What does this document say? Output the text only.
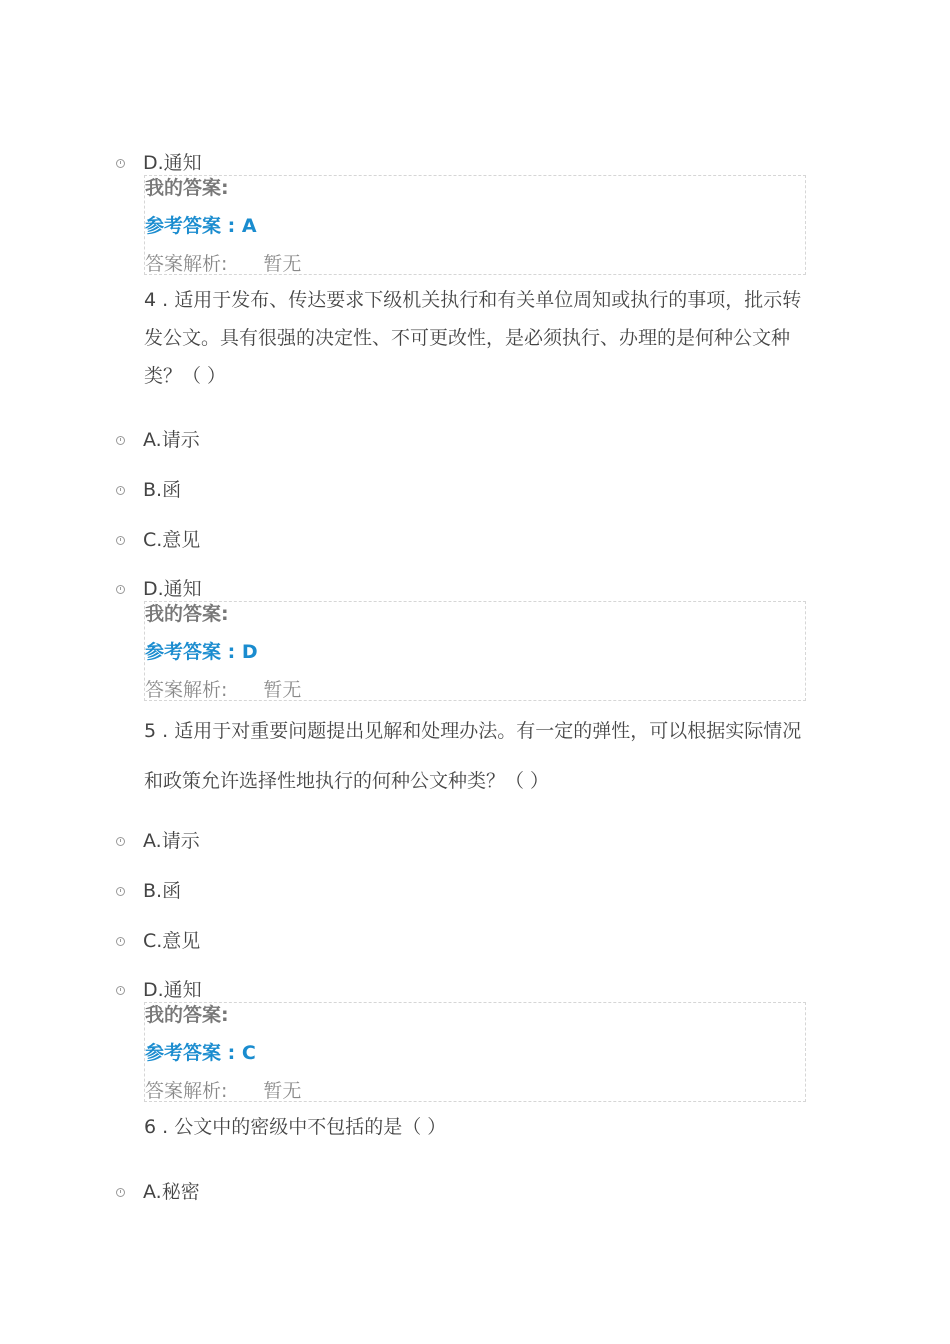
D.通知
我的答案:
参考答案 : A
答案解析: 暂无
4 . 适用于发布、传达要求下级机关执行和有关单位周知或执行的事项，批示转发公文。具有很强的决定性、不可更改性，是必须执行、办理的是何种公文种类？（ ）
A.请示
B.函
C.意见
D.通知
我的答案:
参考答案 : D
答案解析: 暂无
5 . 适用于对重要问题提出见解和处理办法。有一定的弹性，可以根据实际情况和政策允许选择性地执行的何种公文种类？（ ）
A.请示
B.函
C.意见
D.通知
我的答案:
参考答案 : C
答案解析: 暂无
6 . 公文中的密级中不包括的是（ ）
A.秘密
